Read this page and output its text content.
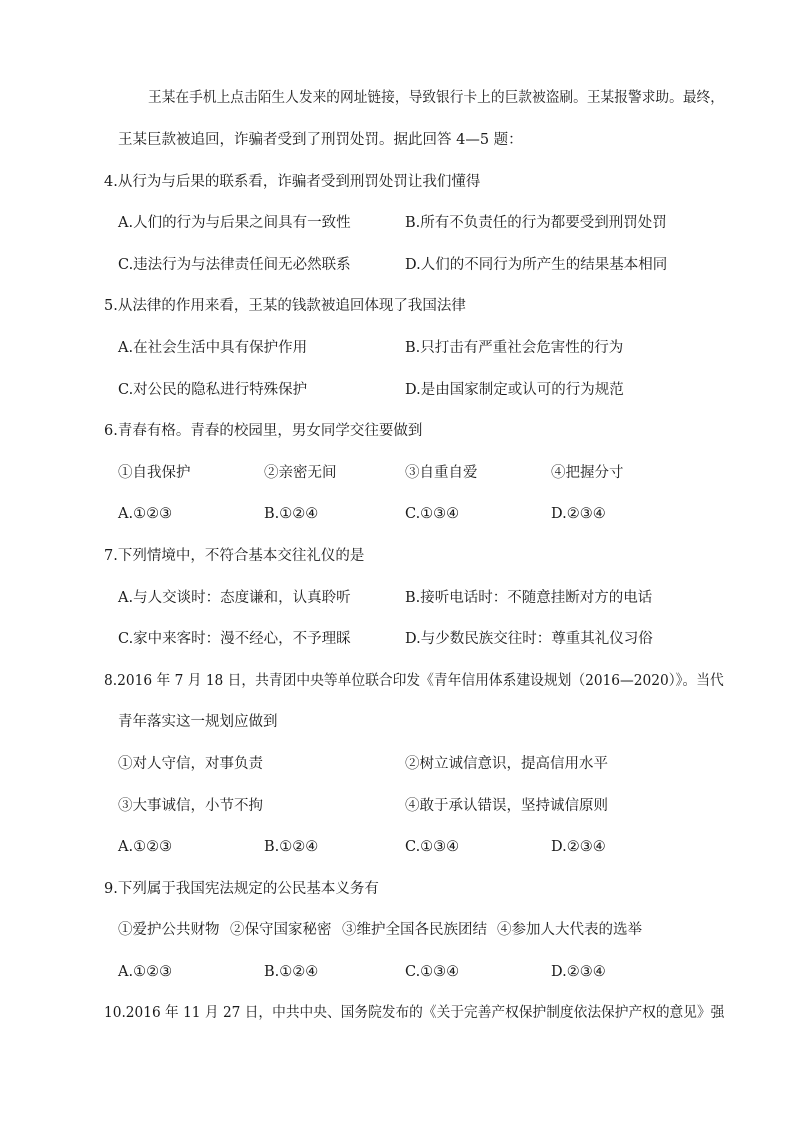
王某在手机上点击陌生人发来的网址链接，导致银行卡上的巨款被盗刷。王某报警求助。最终，
王某巨款被追回，诈骗者受到了刑罚处罚。据此回答 4—5 题：
4.从行为与后果的联系看，诈骗者受到刑罚处罚让我们懂得
A.人们的行为与后果之间具有一致性	B.所有不负责任的行为都要受到刑罚处罚
C.违法行为与法律责任间无必然联系	D.人们的不同行为所产生的结果基本相同
5.从法律的作用来看，王某的钱款被追回体现了我国法律
A.在社会生活中具有保护作用	B.只打击有严重社会危害性的行为
C.对公民的隐私进行特殊保护	D.是由国家制定或认可的行为规范
6.青春有格。青春的校园里，男女同学交往要做到
①自我保护	②亲密无间	③自重自爱	④把握分寸
A.①②③	B.①②④	C.①③④	D.②③④
7.下列情境中，不符合基本交往礼仪的是
A.与人交谈时：态度谦和，认真聆听	B.接听电话时：不随意挂断对方的电话
C.家中来客时：漫不经心，不予理睬	D.与少数民族交往时：尊重其礼仪习俗
8.2016 年 7 月 18 日，共青团中央等单位联合印发《青年信用体系建设规划（2016—2020）》。当代
青年落实这一规划应做到
①对人守信，对事负责	②树立诚信意识，提高信用水平
③大事诚信，小节不拘	④敢于承认错误，坚持诚信原则
A.①②③	B.①②④	C.①③④	D.②③④
9.下列属于我国宪法规定的公民基本义务有
①爱护公共财物 ②保守国家秘密 ③维护全国各民族团结 ④参加人大代表的选举
A.①②③	B.①②④	C.①③④	D.②③④
10.2016 年 11 月 27 日，中共中央、国务院发布的《关于完善产权保护制度依法保护产权的意见》强
